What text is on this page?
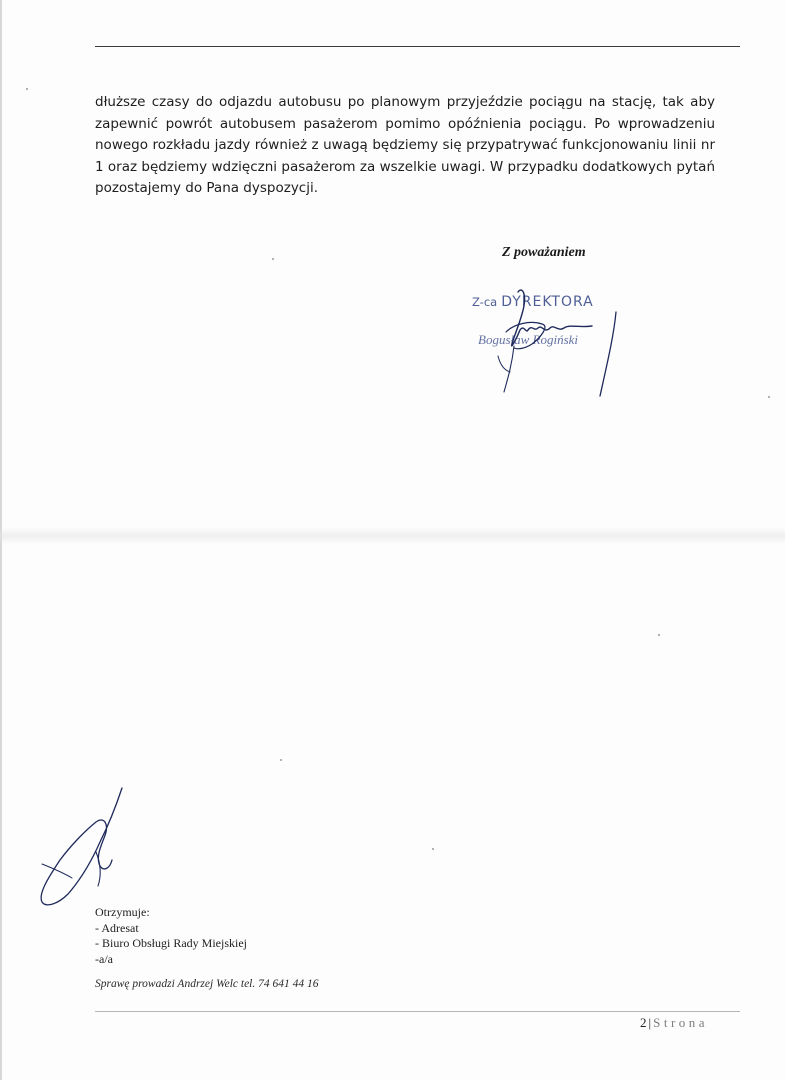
dłuższe czasy do odjazdu autobusu po planowym przyjeździe pociągu na stację, tak aby zapewnić powrót autobusem pasażerom pomimo opóźnienia pociągu. Po wprowadzeniu nowego rozkładu jazdy również z uwagą będziemy się przypatrywać funkcjonowaniu linii nr 1 oraz będziemy wdzięczni pasażerom za wszelkie uwagi. W przypadku dodatkowych pytań pozostajemy do Pana dyspozycji.

Z poważaniem

Z-ca DYREKTORA
Bogusław Rogiński
Otrzymuje:
- Adresat
- Biuro Obsługi Rady Miejskiej
-a/a

Sprawę prowadzi Andrzej Welc tel. 74 641 44 16

2 | Strona
